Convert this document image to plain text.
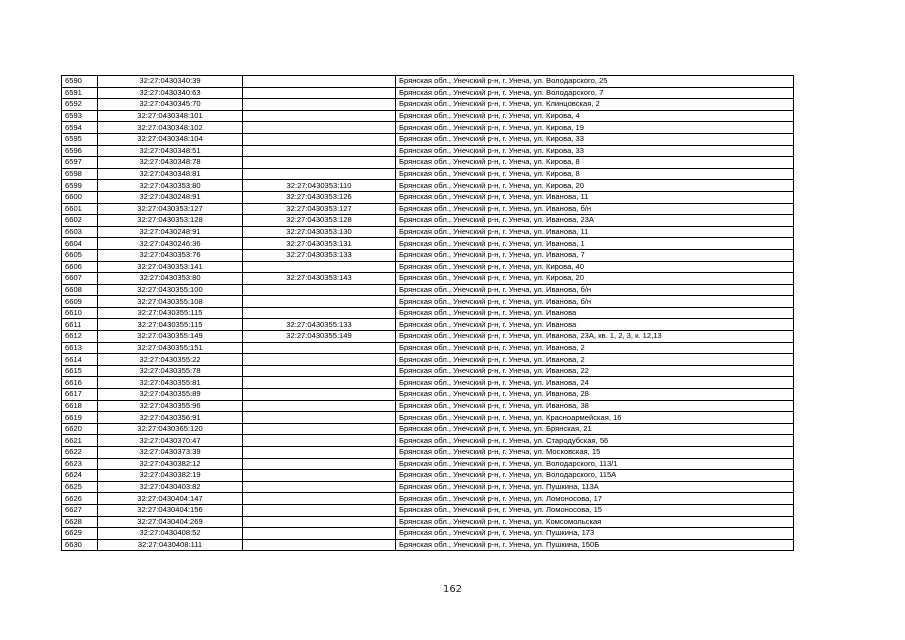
6590	32:27:0430340:39		Брянская обл., Унечский р-н, г. Унеча, ул. Володарского, 25
6591	32:27:0430340:63		Брянская обл., Унечский р-н, г. Унеча, ул. Володарского, 7
6592	32:27:0430345:70		Брянская обл., Унечский р-н, г. Унеча, ул. Клинцовская, 2
6593	32:27:0430348:101		Брянская обл., Унечский р-н, г. Унеча, ул. Кирова, 4
6594	32:27:0430348:102		Брянская обл., Унечский р-н, г. Унеча, ул. Кирова, 19
6595	32:27:0430348:104		Брянская обл., Унечский р-н, г. Унеча, ул. Кирова, 33
6596	32:27:0430348:51		Брянская обл., Унечский р-н, г. Унеча, ул. Кирова, 33
6597	32:27:0430348:78		Брянская обл., Унечский р-н, г. Унеча, ул. Кирова, 8
6598	32:27:0430348:81		Брянская обл., Унечский р-н, г. Унеча, ул. Кирова, 8
6599	32:27:0430353:80	32:27:0430353:110	Брянская обл., Унечский р-н, г. Унеча, ул. Кирова, 20
6600	32:27:0430248:91	32:27:0430353:126	Брянская обл., Унечский р-н, г. Унеча, ул. Иванова, 11
6601	32:27:0430353:127	32:27:0430353:127	Брянская обл., Унечский р-н, г. Унеча, ул. Иванова, б/н
6602	32:27:0430353:128	32:27:0430353:128	Брянская обл., Унечский р-н, г. Унеча, ул. Иванова, 23А
6603	32:27:0430248:91	32:27:0430353:130	Брянская обл., Унечский р-н, г. Унеча, ул. Иванова, 11
6604	32:27:0430246:36	32:27:0430353:131	Брянская обл., Унечский р-н, г. Унеча, ул. Иванова, 1
6605	32:27:0430353:76	32:27:0430353:133	Брянская обл., Унечский р-н, г. Унеча, ул. Иванова, 7
6606	32:27:0430353:141		Брянская обл., Унечский р-н, г. Унеча, ул. Кирова, 40
6607	32:27:0430353:80	32:27:0430353:143	Брянская обл., Унечский р-н, г. Унеча, ул. Кирова, 20
6608	32:27:0430355:100		Брянская обл., Унечский р-н, г. Унеча, ул. Иванова, б/н
6609	32:27:0430355:108		Брянская обл., Унечский р-н, г. Унеча, ул. Иванова, б/н
6610	32:27:0430355:115		Брянская обл., Унечский р-н, г. Унеча, ул. Иванова
6611	32:27:0430355:115	32:27:0430355:133	Брянская обл., Унечский р-н, г. Унеча, ул. Иванова
6612	32:27:0430355:149	32:27:0430355:149	Брянская обл., Унечский р-н, г. Унеча, ул. Иванова, 23А, кв. 1, 2, 3, к. 12,13
6613	32:27:0430355:151		Брянская обл., Унечский р-н, г. Унеча, ул. Иванова, 2
6614	32:27:0430355:22		Брянская обл., Унечский р-н, г. Унеча, ул. Иванова, 2
6615	32:27:0430355:78		Брянская обл., Унечский р-н, г. Унеча, ул. Иванова, 22
6616	32:27:0430355:81		Брянская обл., Унечский р-н, г. Унеча, ул. Иванова, 24
6617	32:27:0430355:89		Брянская обл., Унечский р-н, г. Унеча, ул. Иванова, 28
6618	32:27:0430355:96		Брянская обл., Унечский р-н, г. Унеча, ул. Иванова, 38
6619	32:27:0430356:91		Брянская обл., Унечский р-н, г. Унеча, ул. Красноармейская, 16
6620	32:27:0430365:120		Брянская обл., Унечский р-н, г. Унеча, ул. Брянская, 21
6621	32:27:0430370:47		Брянская обл., Унечский р-н, г. Унеча, ул. Стародубская, 56
6622	32:27:0430373:39		Брянская обл., Унечский р-н, г. Унеча, ул. Московская, 15
6623	32:27:0430382:12		Брянская обл., Унечский р-н, г. Унеча, ул. Володарского, 113/1
6624	32:27:0430382:19		Брянская обл., Унечский р-н, г. Унеча, ул. Володарского, 115А
6625	32:27:0430403:82		Брянская обл., Унечский р-н, г. Унеча, ул. Пушкина, 113А
6626	32:27:0430404:147		Брянская обл., Унечский р-н, г. Унеча, ул. Ломоносова, 17
6627	32:27:0430404:156		Брянская обл., Унечский р-н, г. Унеча, ул. Ломоносова, 15
6628	32:27:0430404:269		Брянская обл., Унечский р-н, г. Унеча, ул. Комсомольская
6629	32:27:0430408:52		Брянская обл., Унечский р-н, г. Унеча, ул. Пушкина, 173
6630	32:27:0430408:111		Брянская обл., Унечский р-н, г. Унеча, ул. Пушкина, 150Б
162
